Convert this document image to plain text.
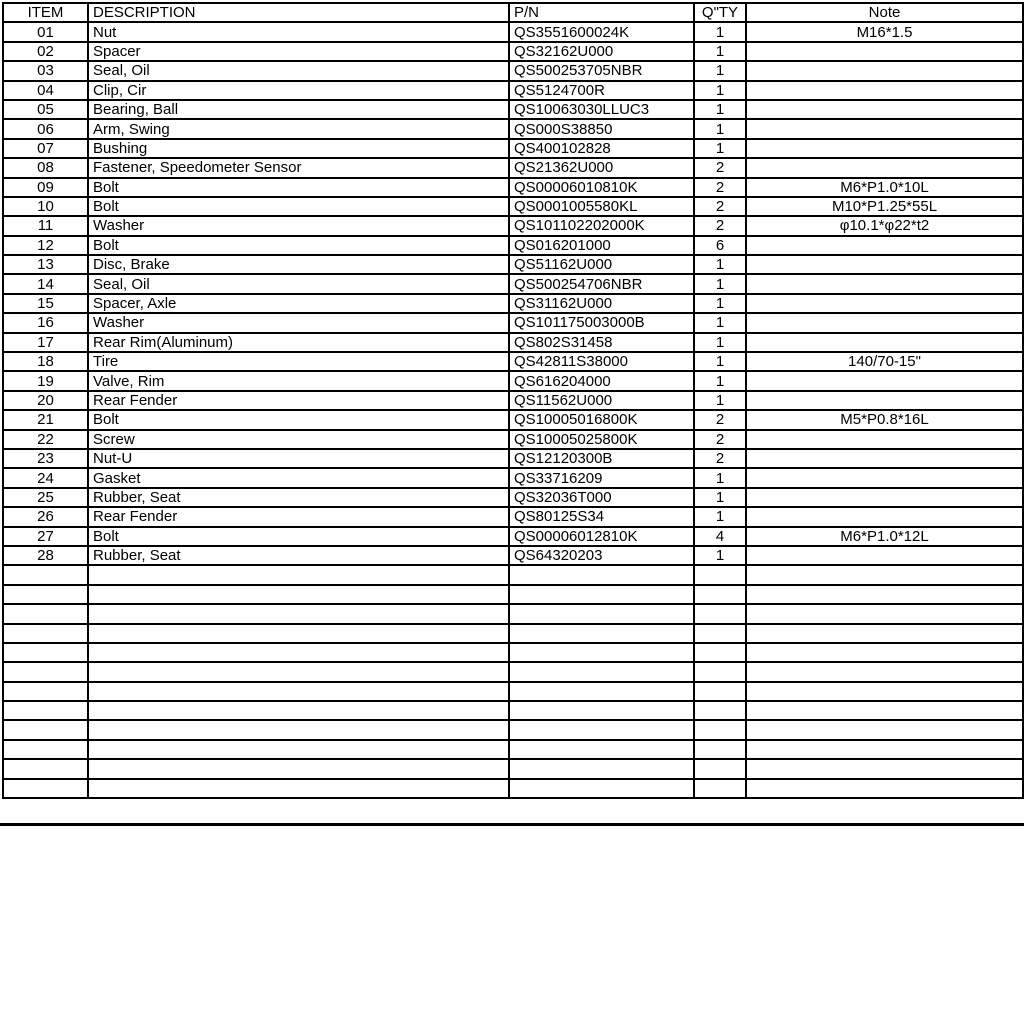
ITEM	DESCRIPTION	P/N	Q"TY	Note
01	Nut	QS3551600024K	1	M16*1.5
02	Spacer	QS32162U000	1	
03	Seal, Oil	QS500253705NBR	1	
04	Clip, Cir	QS5124700R	1	
05	Bearing, Ball	QS10063030LLUC3	1	
06	Arm, Swing	QS000S38850	1	
07	Bushing	QS400102828	1	
08	Fastener, Speedometer Sensor	QS21362U000	2	
09	Bolt	QS00006010810K	2	M6*P1.0*10L
10	Bolt	QS0001005580KL	2	M10*P1.25*55L
11	Washer	QS101102202000K	2	φ10.1*φ22*t2
12	Bolt	QS016201000	6	
13	Disc, Brake	QS51162U000	1	
14	Seal, Oil	QS500254706NBR	1	
15	Spacer, Axle	QS31162U000	1	
16	Washer	QS101175003000B	1	
17	Rear Rim(Aluminum)	QS802S31458	1	
18	Tire	QS42811S38000	1	140/70-15"
19	Valve, Rim	QS616204000	1	
20	Rear Fender	QS11562U000	1	
21	Bolt	QS10005016800K	2	M5*P0.8*16L
22	Screw	QS10005025800K	2	
23	Nut-U	QS12120300B	2	
24	Gasket	QS33716209	1	
25	Rubber, Seat	QS32036T000	1	
26	Rear Fender	QS80125S34	1	
27	Bolt	QS00006012810K	4	M6*P1.0*12L
28	Rubber, Seat	QS64320203	1	
